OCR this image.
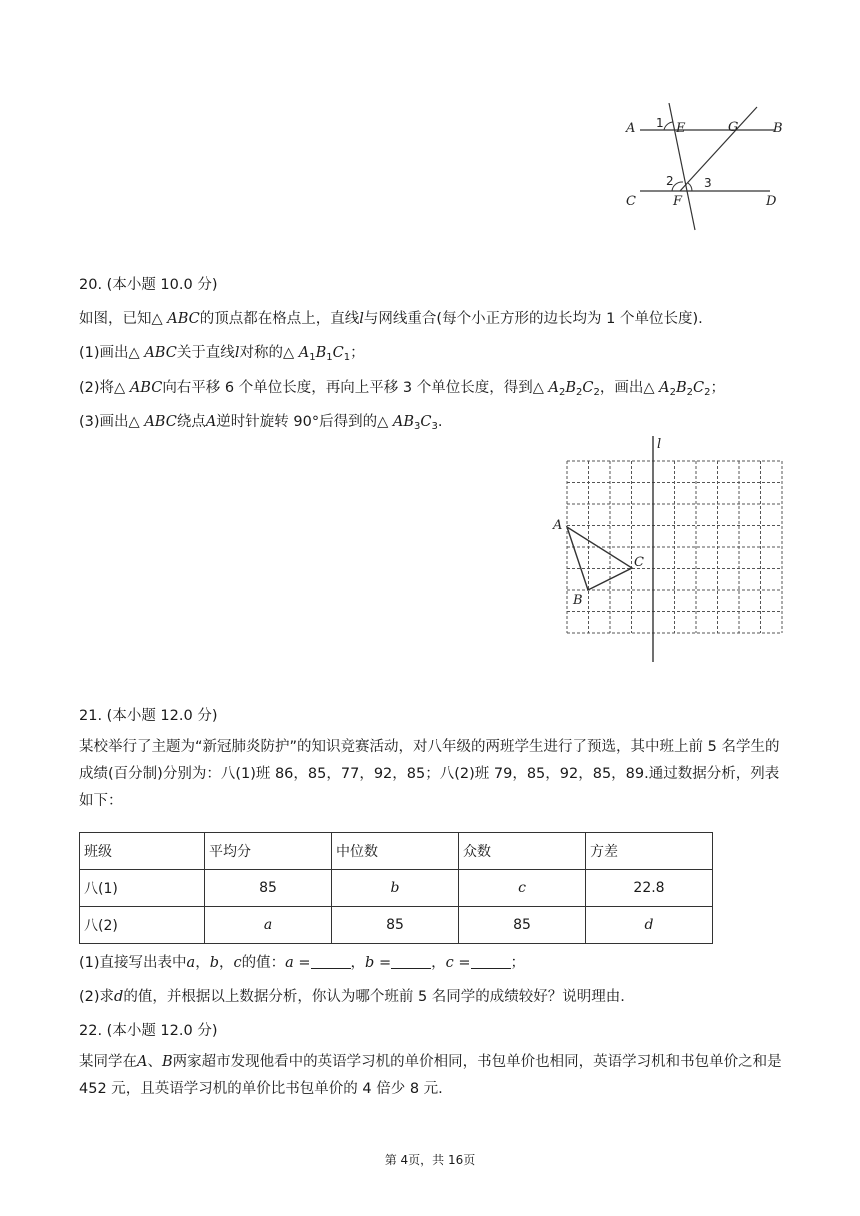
A 1 E	G	B
2	3
C	F	D
20. (本小题 10.0 分)
如图，已知△ ABC的顶点都在格点上，直线l与网线重合(每个小正方形的边长均为 1 个单位长度).
(1)画出△ ABC关于直线l对称的△ $A_1B_1C_1$；
(2)将△ ABC向右平移 6 个单位长度，再向上平移 3 个单位长度，得到△ $A_2B_2C_2$，画出△ $A_2B_2C_2$；
(3)画出△ ABC绕点A逆时针旋转 90°后得到的△ $AB_3C_3$.
l
A
B
C
21. (本小题 12.0 分)
某校举行了主题为“新冠肺炎防护”的知识竞赛活动，对八年级的两班学生进行了预选，其中班上前 5 名学生的成绩(百分制)分别为：八(1)班 86，85，77，92，85；八(2)班 79，85，92，85，89.通过数据分析，列表如下：
班级	平均分	中位数	众数	方差
八(1)	85	b	c	22.8
八(2)	a	85	85	d
(1)直接写出表中a，b，c的值：a =	，b =	，c =	；
(2)求d的值，并根据以上数据分析，你认为哪个班前 5 名同学的成绩较好？说明理由.
22. (本小题 12.0 分)
某同学在A、B两家超市发现他看中的英语学习机的单价相同，书包单价也相同，英语学习机和书包单价之和是 452 元，且英语学习机的单价比书包单价的 4 倍少 8 元.
第 4页，共 16页
